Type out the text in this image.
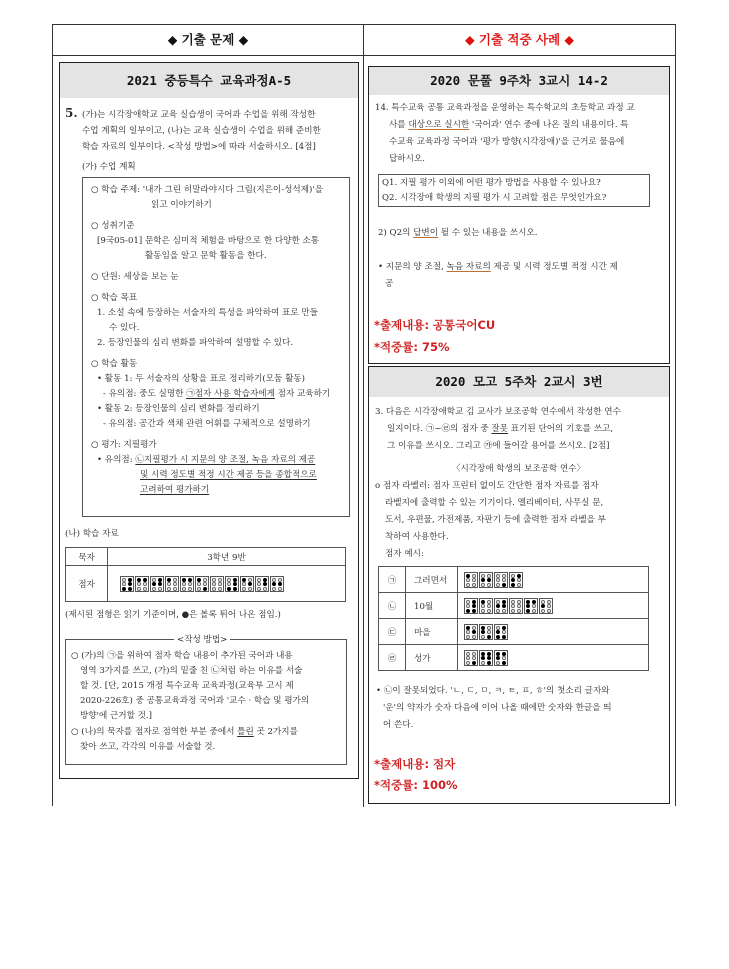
◆ 기출 문제 ◆	◆ 기출 적중 사례 ◆
2021 중등특수 교육과정A-5
5. (가)는 시각장애학교 교육 실습생이 국어과 수업을 위해 작성한
수업 계획의 일부이고, (나)는 교육 실습생이 수업을 위해 준비한
학습 자료의 일부이다. <작성 방법>에 따라 서술하시오. [4점]
(가) 수업 계획
○ 학습 주제: '내가 그린 히말라야시다 그림(지은이-성석제)'을
읽고 이야기하기
○ 성취기준
[9국05-01] 문학은 심미적 체험을 바탕으로 한 다양한 소통
활동임을 알고 문학 활동을 한다.
○ 단원: 세상을 보는 눈
○ 학습 목표
1. 소설 속에 등장하는 서술자의 특성을 파악하여 표로 만들
수 있다.
2. 등장인물의 심리 변화를 파악하여 설명할 수 있다.
○ 학습 활동
• 활동 1: 두 서술자의 상황을 표로 정리하기(모둠 활동)
- 유의점: 중도 실명한 ㉠점자 사용 학습자에게 점자 교육하기
• 활동 2: 등장인물의 심리 변화를 정리하기
- 유의점: 공간과 색채 관련 어휘를 구체적으로 설명하기
○ 평가: 지필평가
• 유의점: ㉡지필평가 시 지문의 양 조절, 녹음 자료의 제공
및 시력 정도별 적정 시간 제공 등을 종합적으로
고려하여 평가하기
(나) 학습 자료
묵자	3학년 9반
점자	
(제시된 점형은 읽기 기준이며, ●은 볼록 튀어 나온 점임.)
<작성 방법>
○ (가)의 ㉠을 위하여 점자 학습 내용이 추가된 국어과 내용
영역 3가지를 쓰고, (가)의 밑줄 친 ㉡처럼 하는 이유를 서술
할 것. [단, 2015 개정 특수교육 교육과정(교육부 고시 제
2020-226호) 중 공통교육과정 국어과 '교수 · 학습 및 평가의
방향'에 근거할 것.]
○ (나)의 묵자를 점자로 점역한 부분 중에서 틀린 곳 2가지를
찾아 쓰고, 각각의 이유를 서술할 것.
2020 문풀 9주차 3교시 14-2
14. 특수교육 공통 교육과정을 운영하는 특수학교의 초등학교 과정 교
사를 대상으로 실시한 '국어과' 연수 중에 나온 질의 내용이다. 특
수교육 교육과정 국어과 '평가 방향(시각장애)'을 근거로 물음에
답하시오.
Q1. 지필 평가 이외에 어떤 평가 방법을 사용할 수 있나요?
Q2. 시각장애 학생의 지필 평가 시 고려할 점은 무엇인가요?
2) Q2의 답변이 될 수 있는 내용을 쓰시오.
• 지문의 양 조절, 녹음 자료의 제공 및 시력 정도별 적정 시간 제
공
*출제내용: 공통국어CU
*적중률: 75%
2020 모고 5주차 2교시 3번
3. 다음은 시각장애학교 김 교사가 보조공학 연수에서 작성한 연수
일지이다. ㉠~㉣의 점자 중 잘못 표기된 단어의 기호를 쓰고,
그 이유를 쓰시오. 그리고 ㉮에 들어갈 용어를 쓰시오. [2점]
〈시각장애 학생의 보조공학 연수〉
o 점자 라벨러: 점자 프린터 없이도 간단한 점자 자료를 점자
라벨지에 출력할 수 있는 기기이다. 엘리베이터, 사무실 문,
도서, 우편물, 가전제품, 자판기 등에 출력한 점자 라벨을 부
착하여 사용한다.
점자 예시:
㉠	그러면서	

㉡	10월	

㉢	마을	

㉣	성가	
• ㉡이 잘못되었다. 'ㄴ, ㄷ, ㅁ, ㅋ, ㅌ, ㅍ, ㅎ'의 첫소리 글자와
'운'의 약자가 숫자 다음에 이어 나올 때에만 숫자와 한글을 띄
어 쓴다.
*출제내용: 점자
*적중률: 100%
